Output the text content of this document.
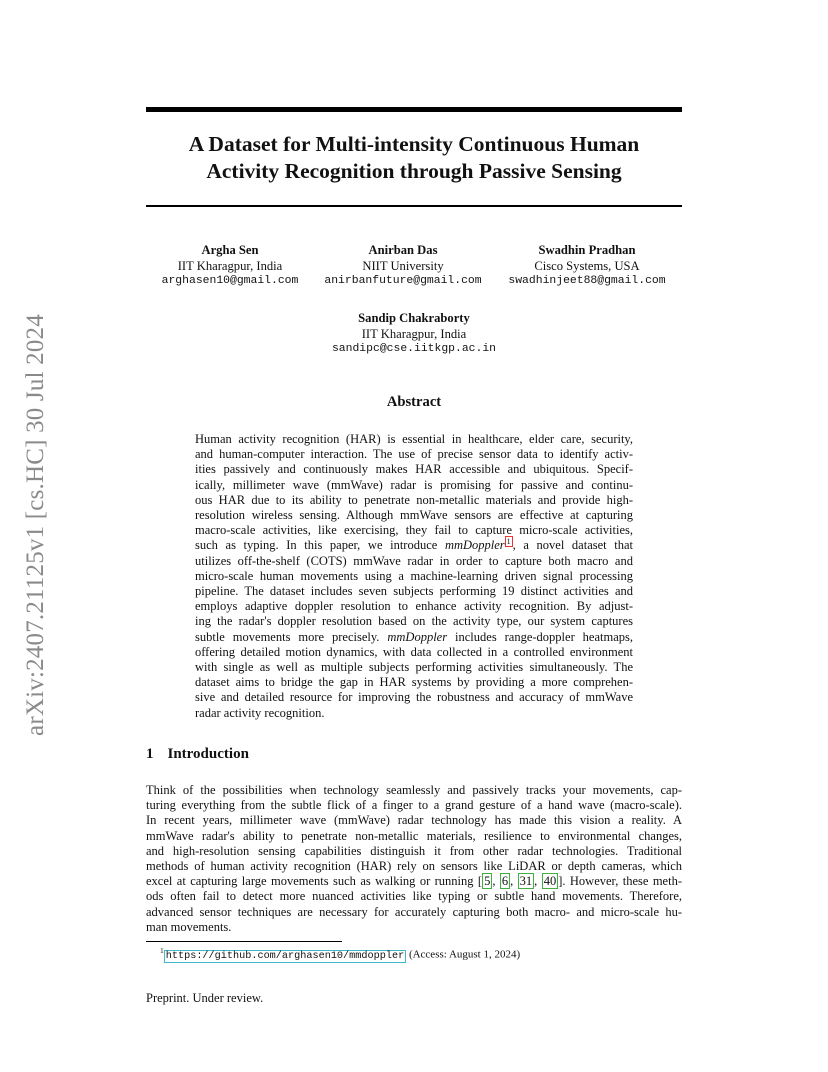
arXiv:2407.21125v1 [cs.HC] 30 Jul 2024
A Dataset for Multi-intensity Continuous Human
Activity Recognition through Passive Sensing
Argha Sen
IIT Kharagpur, India
arghasen10@gmail.com
Anirban Das
NIIT University
anirbanfuture@gmail.com
Swadhin Pradhan
Cisco Systems, USA
swadhinjeet88@gmail.com
Sandip Chakraborty
IIT Kharagpur, India
sandipc@cse.iitkgp.ac.in
Abstract
Human activity recognition (HAR) is essential in healthcare, elder care, security,
and human-computer interaction. The use of precise sensor data to identify activ-
ities passively and continuously makes HAR accessible and ubiquitous. Specif-
ically, millimeter wave (mmWave) radar is promising for passive and continu-
ous HAR due to its ability to penetrate non-metallic materials and provide high-
resolution wireless sensing. Although mmWave sensors are effective at capturing
macro-scale activities, like exercising, they fail to capture micro-scale activities,
such as typing. In this paper, we introduce mmDoppler $^1$ , a novel dataset that
utilizes off-the-shelf (COTS) mmWave radar in order to capture both macro and
micro-scale human movements using a machine-learning driven signal processing
pipeline. The dataset includes seven subjects performing 19 distinct activities and
employs adaptive doppler resolution to enhance activity recognition. By adjust-
ing the radar's doppler resolution based on the activity type, our system captures
subtle movements more precisely. mmDoppler includes range-doppler heatmaps,
offering detailed motion dynamics, with data collected in a controlled environment
with single as well as multiple subjects performing activities simultaneously. The
dataset aims to bridge the gap in HAR systems by providing a more comprehen-
sive and detailed resource for improving the robustness and accuracy of mmWave
radar activity recognition.
1 Introduction
Think of the possibilities when technology seamlessly and passively tracks your movements, cap-
turing everything from the subtle flick of a finger to a grand gesture of a hand wave (macro-scale).
In recent years, millimeter wave (mmWave) radar technology has made this vision a reality. A
mmWave radar's ability to penetrate non-metallic materials, resilience to environmental changes,
and high-resolution sensing capabilities distinguish it from other radar technologies. Traditional
methods of human activity recognition (HAR) rely on sensors like LiDAR or depth cameras, which
excel at capturing large movements such as walking or running [ 5 , 6 , 31 , 40 ]. However, these meth-
ods often fail to detect more nuanced activities like typing or subtle hand movements. Therefore,
advanced sensor techniques are necessary for accurately capturing both macro- and micro-scale hu-
man movements.
$^1$https://github.com/arghasen10/mmdoppler (Access: August 1, 2024)
Preprint. Under review.
